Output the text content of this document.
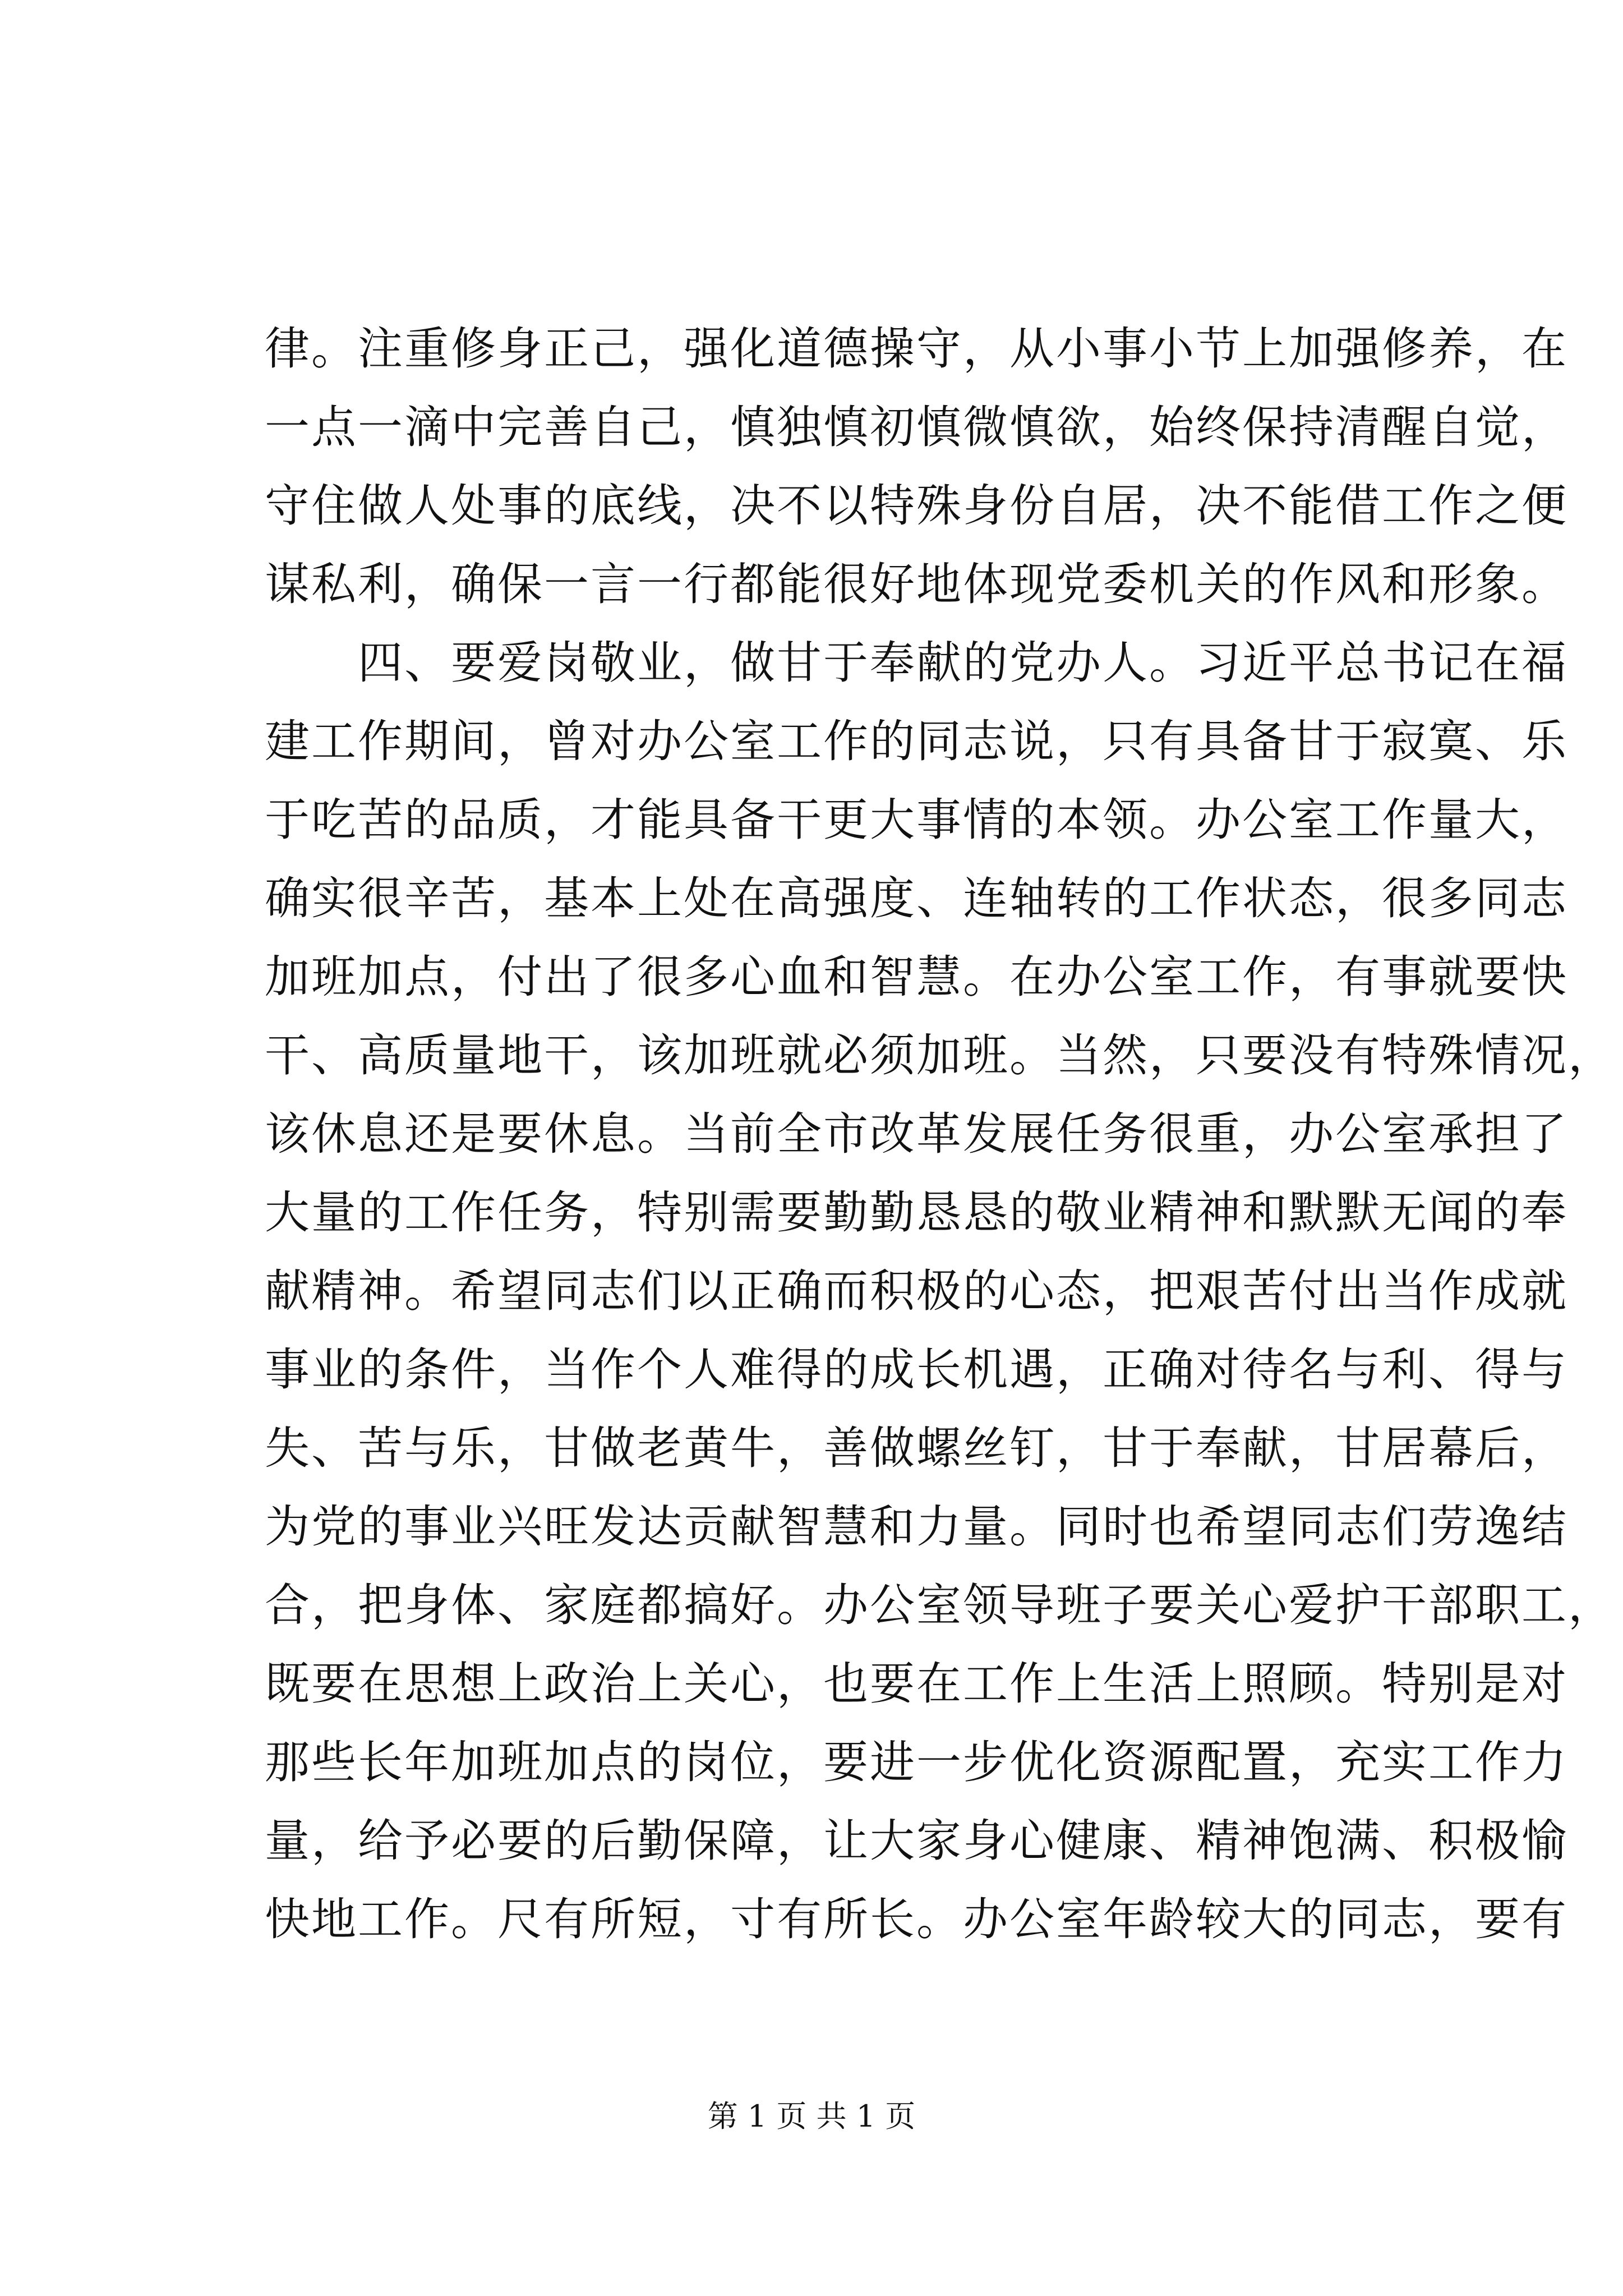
律。注重修身正己，强化道德操守，从小事小节上加强修养，在
一点一滴中完善自己，慎独慎初慎微慎欲，始终保持清醒自觉，
守住做人处事的底线，决不以特殊身份自居，决不能借工作之便
谋私利，确保一言一行都能很好地体现党委机关的作风和形象。
　　四、要爱岗敬业，做甘于奉献的党办人。习近平总书记在福
建工作期间，曾对办公室工作的同志说，只有具备甘于寂寞、乐
于吃苦的品质，才能具备干更大事情的本领。办公室工作量大，
确实很辛苦，基本上处在高强度、连轴转的工作状态，很多同志
加班加点，付出了很多心血和智慧。在办公室工作，有事就要快
干、高质量地干，该加班就必须加班。当然，只要没有特殊情况，
该休息还是要休息。当前全市改革发展任务很重，办公室承担了
大量的工作任务，特别需要勤勤恳恳的敬业精神和默默无闻的奉
献精神。希望同志们以正确而积极的心态，把艰苦付出当作成就
事业的条件，当作个人难得的成长机遇，正确对待名与利、得与
失、苦与乐，甘做老黄牛，善做螺丝钉，甘于奉献，甘居幕后，
为党的事业兴旺发达贡献智慧和力量。同时也希望同志们劳逸结
合，把身体、家庭都搞好。办公室领导班子要关心爱护干部职工，
既要在思想上政治上关心，也要在工作上生活上照顾。特别是对
那些长年加班加点的岗位，要进一步优化资源配置，充实工作力
量，给予必要的后勤保障，让大家身心健康、精神饱满、积极愉
快地工作。尺有所短，寸有所长。办公室年龄较大的同志，要有
第 1 页 共 1 页
